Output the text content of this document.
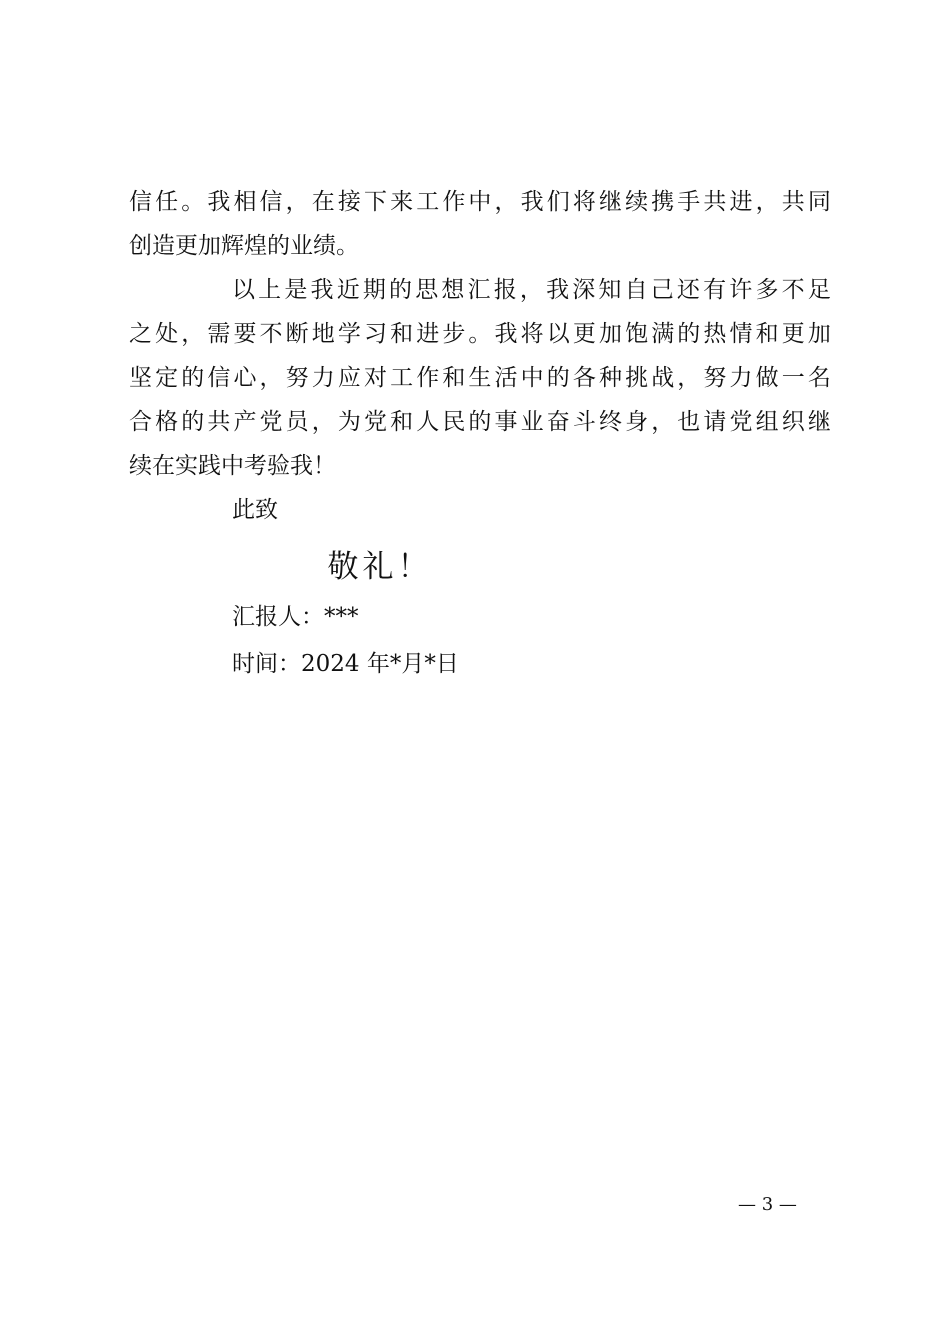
信 任 。 我 相 信 ， 在 接 下 来 工 作 中 ， 我 们 将 继 续 携 手 共 进 ， 共 同
创造更加辉煌的业绩。
以 上 是 我 近 期 的 思 想 汇 报 ， 我 深 知 自 己 还 有 许 多 不 足
之 处 ， 需 要 不 断 地 学 习 和 进 步 。 我 将 以 更 加 饱 满 的 热 情 和 更 加
坚 定 的 信 心 ， 努 力 应 对 工 作 和 生 活 中 的 各 种 挑 战 ， 努 力 做 一 名
合 格 的 共 产 党 员 ， 为 党 和 人 民 的 事 业 奋 斗 终 身 ， 也 请 党 组 织 继
续在实践中考验我！
此致
敬礼！
汇报人：***
时间：2024 年*月*日
— 3 —
